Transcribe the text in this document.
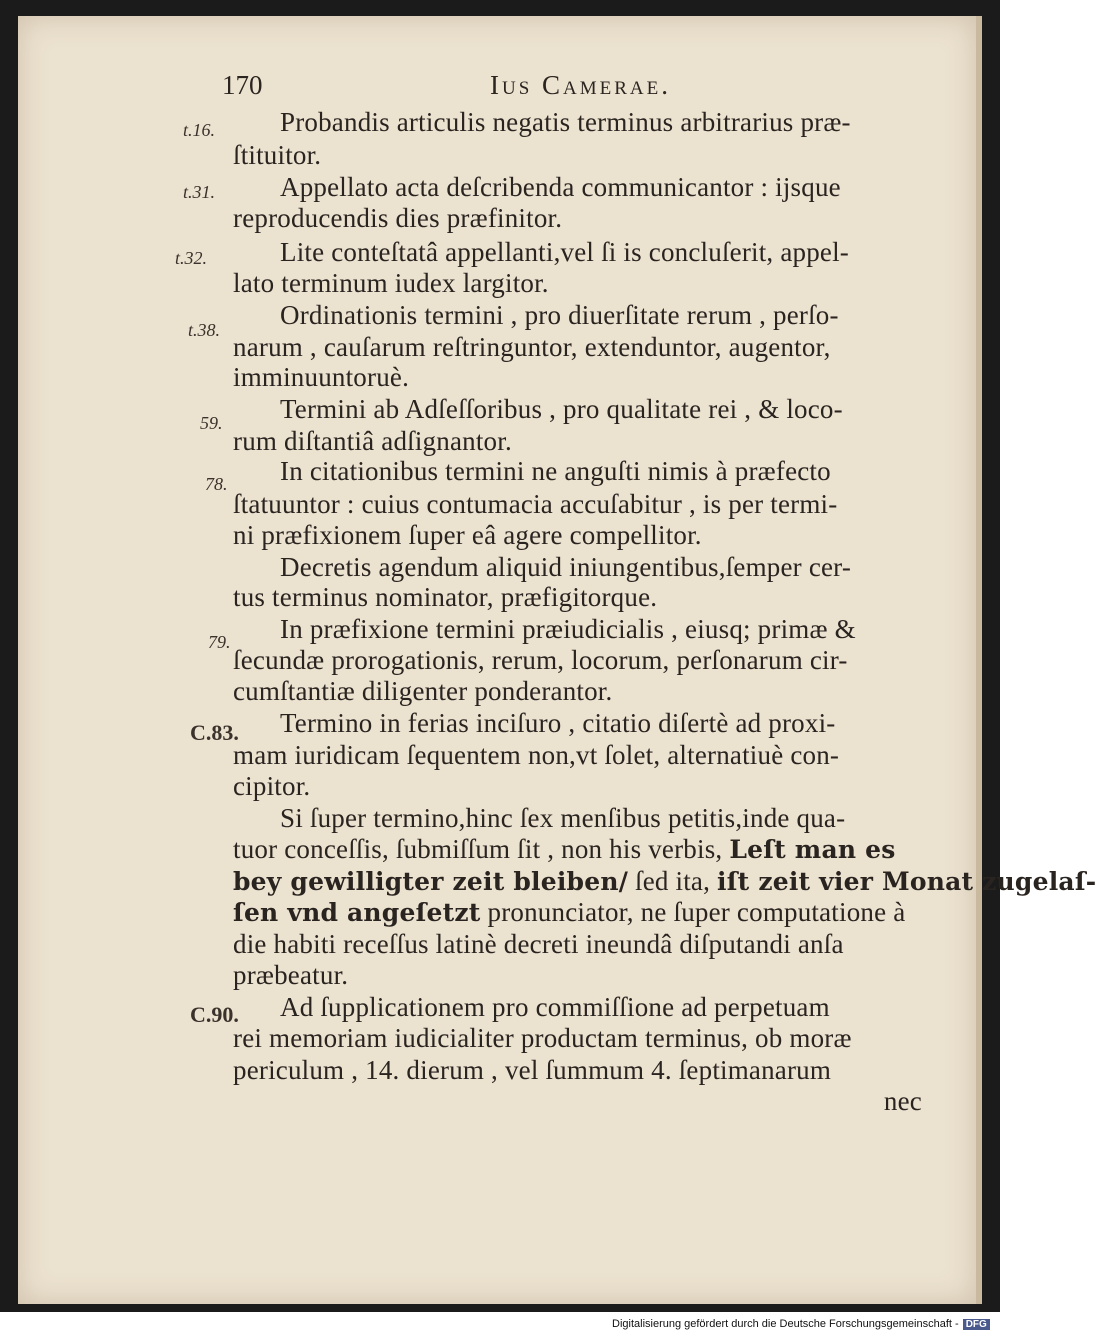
170	Ius Camerae.
t.16.
t.31.
t.32.
t.38.
59.
78.
79.
C.83.
C.90.
Probandis articulis negatis terminus arbitrarius præ-
ſtituitor.
Appellato acta deſcribenda communicantor : ijsque
reproducendis dies præfinitor.
Lite conteſtatâ appellanti,vel ſi is concluſerit, appel-
lato terminum iudex largitor.
Ordinationis termini , pro diuerſitate rerum , perſo-
narum , cauſarum reſtringuntor, extenduntor, augentor,
imminuuntoruè.
Termini ab Adſeſſoribus , pro qualitate rei , & loco-
rum diſtantiâ adſignantor.
In citationibus termini ne anguſti nimis à præfecto
ſtatuuntor : cuius contumacia accuſabitur , is per termi-
ni præfixionem ſuper eâ agere compellitor.
Decretis agendum aliquid iniungentibus,ſemper cer-
tus terminus nominator, præfigitorque.
In præfixione termini præiudicialis , eiusq; primæ &
ſecundæ prorogationis, rerum, locorum, perſonarum cir-
cumſtantiæ diligenter ponderantor.
Termino in ferias inciſuro , citatio diſertè ad proxi-
mam iuridicam ſequentem non,vt ſolet, alternatiuè con-
cipitor.
Si ſuper termino,hinc ſex menſibus petitis,inde qua-
tuor conceſſis, ſubmiſſum ſit , non his verbis, Leſt man es
bey gewilligter zeit bleiben/ ſed ita, iſt zeit vier Monat zugelaſ-
ſen vnd angeſetzt pronunciator, ne ſuper computatione à
die habiti receſſus latinè decreti ineundâ diſputandi anſa
præbeatur.
Ad ſupplicationem pro commiſſione ad perpetuam
rei memoriam iudicialiter productam terminus, ob moræ
periculum , 14. dierum , vel ſummum 4. ſeptimanarum
nec
Digitalisierung gefördert durch die Deutsche Forschungsgemeinschaft - DFG
